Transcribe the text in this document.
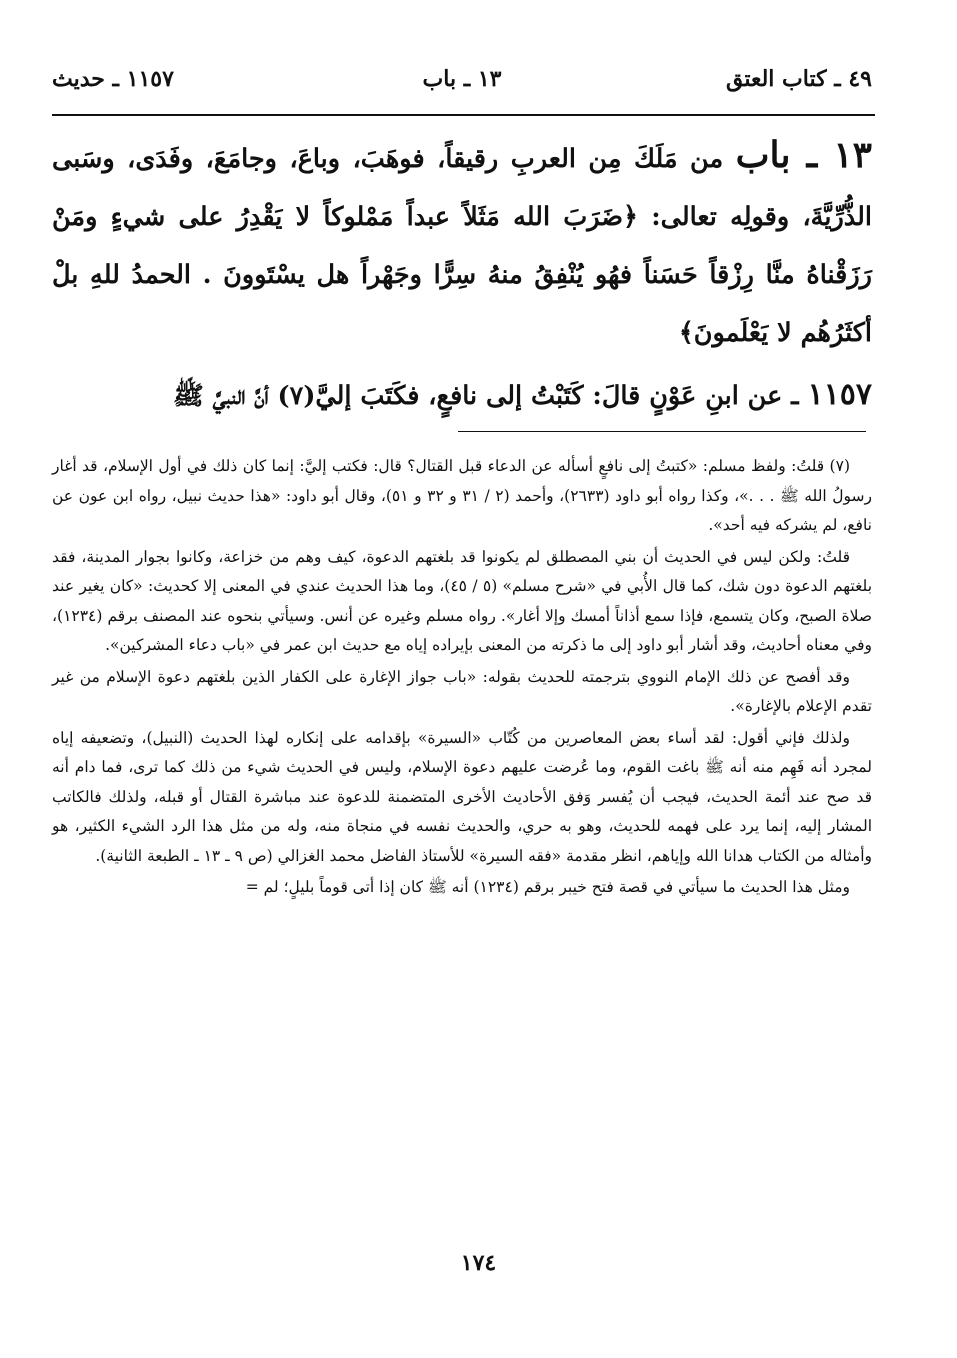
٤٩ ـ كتاب العتق
١٣ ـ باب
١١٥٧ ـ حديث

١٣ ـ باب من مَلَكَ مِن العربِ رقيقاً، فوهَبَ، وباعَ، وجامَعَ، وفَدَى، وسَبى الذُّرِّيَّةَ، وقولِه تعالى: ﴿ضَرَبَ الله مَثَلاً عبداً مَمْلوكاً لا يَقْدِرُ على شيءٍ ومَنْ رَزَقْناهُ منَّا رِزْقاً حَسَناً فهُو يُنْفِقُ منهُ سِرًّا وجَهْراً هل يسْتَوونَ . الحمدُ للهِ بلْ أكثَرُهُم لا يَعْلَمونَ﴾

١١٥٧ ـ عن ابنِ عَوْنٍ قالَ: كَتَبْتُ إلى نافعٍ، فكَتَبَ إليَّ(٧) أنَّ النبيَّ ﷺ

(٧) قلتُ: ولفظ مسلم: «كتبتُ إلى نافعٍ أسأله عن الدعاء قبل القتال؟ قال: فكتب إليَّ: إنما كان ذلك في أول الإسلام، قد أغار رسولُ الله ﷺ . . .»، وكذا رواه أبو داود (٢٦٣٣)، وأحمد (٢ / ٣١ و ٣٢ و ٥١)، وقال أبو داود: «هذا حديث نبيل، رواه ابن عون عن نافع، لم يشركه فيه أحد».

قلتُ: ولكن ليس في الحديث أن بني المصطلق لم يكونوا قد بلغتهم الدعوة، كيف وهم من خزاعة، وكانوا بجوار المدينة، فقد بلغتهم الدعوة دون شك، كما قال الأُبي في «شرح مسلم» (٥ / ٤٥)، وما هذا الحديث عندي في المعنى إلا كحديث: «كان يغير عند صلاة الصبح، وكان يتسمع، فإذا سمع أذاناً أمسك وإلا أغار». رواه مسلم وغيره عن أنس. وسيأتي بنحوه عند المصنف برقم (١٢٣٤)، وفي معناه أحاديث، وقد أشار أبو داود إلى ما ذكرته من المعنى بإيراده إياه مع حديث ابن عمر في «باب دعاء المشركين».

وقد أفصح عن ذلك الإمام النووي بترجمته للحديث بقوله: «باب جواز الإغارة على الكفار الذين بلغتهم دعوة الإسلام من غير تقدم الإعلام بالإغارة».

ولذلك فإني أقول: لقد أساء بعض المعاصرين من كُتّاب «السيرة» بإقدامه على إنكاره لهذا الحديث (النبيل)، وتضعيفه إياه لمجرد أنه فَهِم منه أنه ﷺ باغت القوم، وما عُرضت عليهم دعوة الإسلام، وليس في الحديث شيء من ذلك كما ترى، فما دام أنه قد صح عند أئمة الحديث، فيجب أن يُفسر وَفق الأحاديث الأخرى المتضمنة للدعوة عند مباشرة القتال أو قبله، ولذلك فالكاتب المشار إليه، إنما يرد على فهمه للحديث، وهو به حري، والحديث نفسه في منجاة منه، وله من مثل هذا الرد الشيء الكثير، هو وأمثاله من الكتاب هدانا الله وإياهم، انظر مقدمة «فقه السيرة» للأستاذ الفاضل محمد الغزالي (ص ٩ ـ ١٣ ـ الطبعة الثانية).

ومثل هذا الحديث ما سيأتي في قصة فتح خيبر برقم (١٢٣٤) أنه ﷺ كان إذا أتى قوماً بليلٍ؛ لم =

١٧٤
